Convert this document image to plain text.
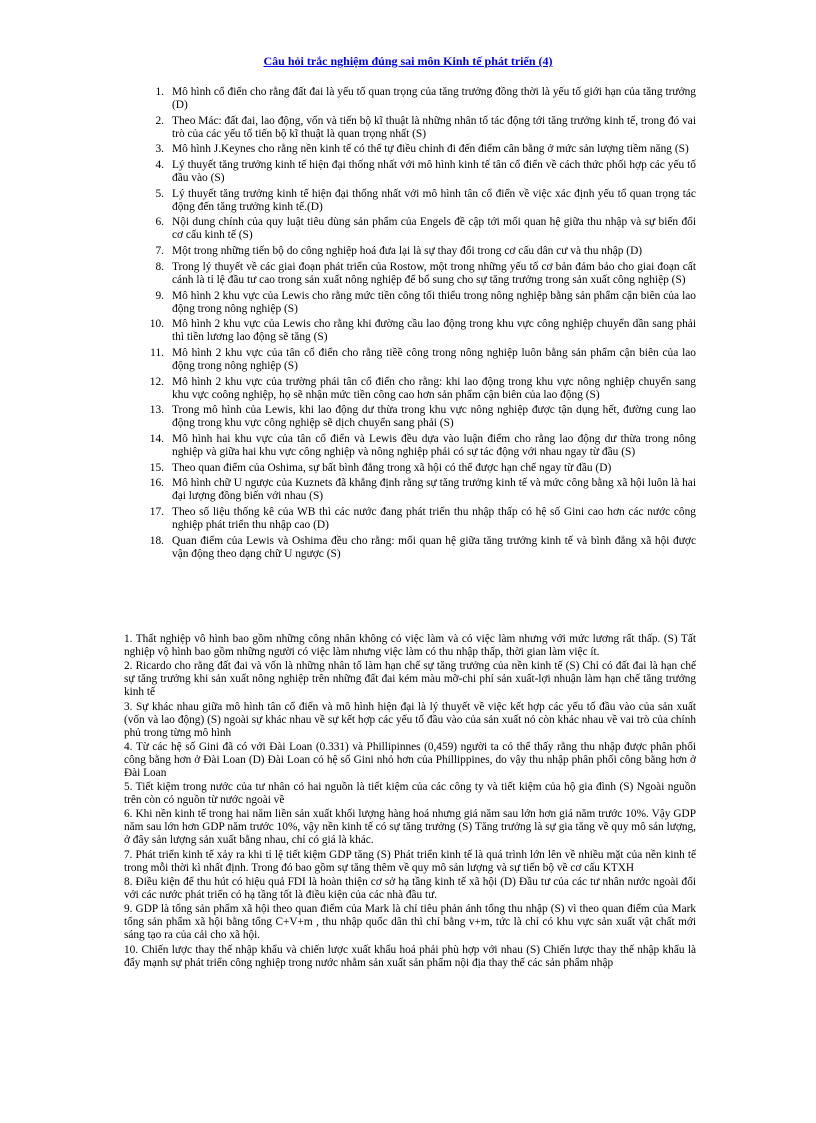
Câu hỏi trắc nghiệm đúng sai môn Kinh tế phát triển (4)
1. Mô hình cổ điển cho rằng đất đai là yếu tố quan trọng của tăng trưởng đồng thời là yếu tố giới hạn của tăng trưởng (D)
2. Theo Mác: đất đai, lao động, vốn và tiến bộ kĩ thuật là những nhân tố tác động tới tăng trưởng kinh tế, trong đó vai trò của các yếu tố tiến bộ kĩ thuật là quan trọng nhất (S)
3. Mô hình J.Keynes cho rằng nền kinh tế có thể tự điều chỉnh đi đến điểm cân bằng ở mức sản lượng tiềm năng (S)
4. Lý thuyết tăng trưởng kinh tế hiện đại thống nhất với mô hình kinh tế tân cổ điển về cách thức phối hợp các yếu tố đầu vào (S)
5. Lý thuyết tăng trưởng kinh tế hiện đại thống nhất với mô hình tân cổ điển về việc xác định yếu tố quan trọng tác động đến tăng trưởng kinh tế.(D)
6. Nội dung chính của quy luật tiêu dùng sản phẩm của Engels đề cập tới mối quan hệ giữa thu nhập và sự biến đổi cơ cấu kinh tế (S)
7. Một trong những tiến bộ do công nghiệp hoá đưa lại là sự thay đổi trong cơ cấu dân cư và thu nhập (D)
8. Trong lý thuyết về các giai đoạn phát triển của Rostow, một trong những yếu tố cơ bản đảm bảo cho giai đoạn cất cánh là tỉ lệ đầu tư cao trong sản xuất nông nghiệp để bổ sung cho sự tăng trưởng trong sản xuất công nghiệp (S)
9. Mô hình 2 khu vực của Lewis cho rằng mức tiền công tối thiểu trong nông nghiệp bằng sản phẩm cận biên của lao động trong nông nghiệp (S)
10. Mô hình 2 khu vực của Lewis cho rằng khi đường cầu lao động trong khu vực công nghiệp chuyển dần sang phải thì tiền lương lao động sẽ tăng (S)
11. Mô hình 2 khu vực của tân cổ điển cho rằng tiềề công trong nông nghiệp luôn bằng sản phẩm cận biên của lao động trong nông nghiệp (S)
12. Mô hình 2 khu vực của trường phái tân cổ điển cho rằng: khi lao động trong khu vực nông nghiệp chuyển sang khu vực coông nghiệp, họ sẽ nhận mức tiền công cao hơn sản phẩm cận biên của lao động (S)
13. Trong mô hình của Lewis, khi lao động dư thừa trong khu vực nông nghiệp được tận dụng hết, đường cung lao động trong khu vực công nghiệp sẽ dịch chuyển sang phải (S)
14. Mô hình hai khu vực của tân cổ điển và Lewis đều dựa vào luận điểm cho rằng lao động dư thừa trong nông nghiệp và giữa hai khu vực công nghiệp và nông nghiệp phải có sự tác động với nhau ngay từ đầu (S)
15. Theo quan điểm của Oshima, sự bất bình đẳng trong xã hội có thể được hạn chế ngay từ đầu (D)
16. Mô hình chữ U ngược của Kuznets đã khẳng định rằng sự tăng trưởng kinh tế và mức công bằng xã hội luôn là hai đại lượng đồng biến với nhau (S)
17. Theo số liệu thống kê của WB thì các nước đang phát triển thu nhập thấp có hệ số Gini cao hơn các nước công nghiệp phát triển thu nhập cao (D)
18. Quan điểm của Lewis và Oshima đều cho rằng: mối quan hệ giữa tăng trưởng kinh tế và bình đẳng xã hội được vận động theo dạng chữ U ngược (S)
1. Thất nghiệp vô hình bao gồm những công nhân không có việc làm và có việc làm nhưng với mức lương rất thấp. (S) Tất nghiệp vộ hình bao gồm những người có việc làm nhưng việc làm có thu nhập thấp, thời gian làm việc ít.
2. Ricardo cho rằng đất đai và vốn là những nhân tố làm hạn chế sự tăng trưởng của nền kinh tế (S) Chỉ có đất đai là hạn chế sự tăng trưởng khi sản xuất nông nghiệp trên những đất đai kém màu mỡ-chi phí sản xuất-lợi nhuận làm hạn chế tăng trưởng kinh tế
3. Sự khác nhau giữa mô hình tân cổ điển và mô hình hiện đại là lý thuyết về việc kết hợp các yếu tố đầu vào của sản xuất (vốn và lao động) (S) ngoài sự khác nhau về sự kết hợp các yếu tố đầu vào của sản xuất nó còn khác nhau về vai trò của chính phủ trong từng mô hình
4. Từ các hệ số Gini đã có với Đài Loan (0.331) và Phillipinnes (0,459) người ta có thể thấy rằng thu nhập được phân phối công bằng hơn ở Đài Loan (D) Đài Loan có hệ số Gini nhỏ hơn của Phillippines, do vậy thu nhập phân phối công bằng hơn ở Đài Loan
5. Tiết kiệm trong nước của tư nhân có hai nguồn là tiết kiệm của các công ty và tiết kiệm của hộ gia đình (S) Ngoài nguồn trên còn có nguồn từ nước ngoài về
6. Khi nền kinh tế trong hai năm liền sản xuất khối lượng hàng hoá nhưng giá năm sau lớn hơn giá năm trước 10%. Vậy GDP năm sau lớn hơn GDP năm trước 10%, vậy nền kinh tế có sự tăng trưởng (S) Tăng trưởng là sự gia tăng về quy mô sản lượng, ở đây sản lượng sản xuất bằng nhau, chỉ có giá là khác.
7. Phát triển kinh tế xảy ra khi tỉ lệ tiết kiệm GDP tăng (S) Phát triển kinh tế là quá trình lớn lên về nhiều mặt của nền kinh tế trong mỗi thời kì nhất định. Trong đó bao gồm sự tăng thêm về quy mô sản lượng và sự tiến bộ về cơ cấu KTXH
8. Điều kiện để thu hút có hiệu quả FDI là hoàn thiện cơ sở hạ tầng kinh tế xã hội (D) Đầu tư của các tư nhân nước ngoài đối với các nước phát triển có hạ tầng tốt là điều kiện của các nhà đầu tư.
9. GDP là tổng sản phẩm xã hội theo quan điểm của Mark là chỉ tiêu phản ánh tổng thu nhập (S) vì theo quan điểm của Mark tổng sản phẩm xã hội bằng tổng C+V+m , thu nhập quốc dân thì chỉ bằng v+m, tức là chỉ có khu vực sản xuất vật chất mới sáng tạo ra của cải cho xã hội.
10. Chiến lược thay thế nhập khẩu và chiến lược xuất khẩu hoá phải phù hợp với nhau (S) Chiến lược thay thế nhập khẩu là đẩy mạnh sự phát triển công nghiệp trong nước nhằm sản xuất sản phẩm nội địa thay thế các sản phẩm nhập
